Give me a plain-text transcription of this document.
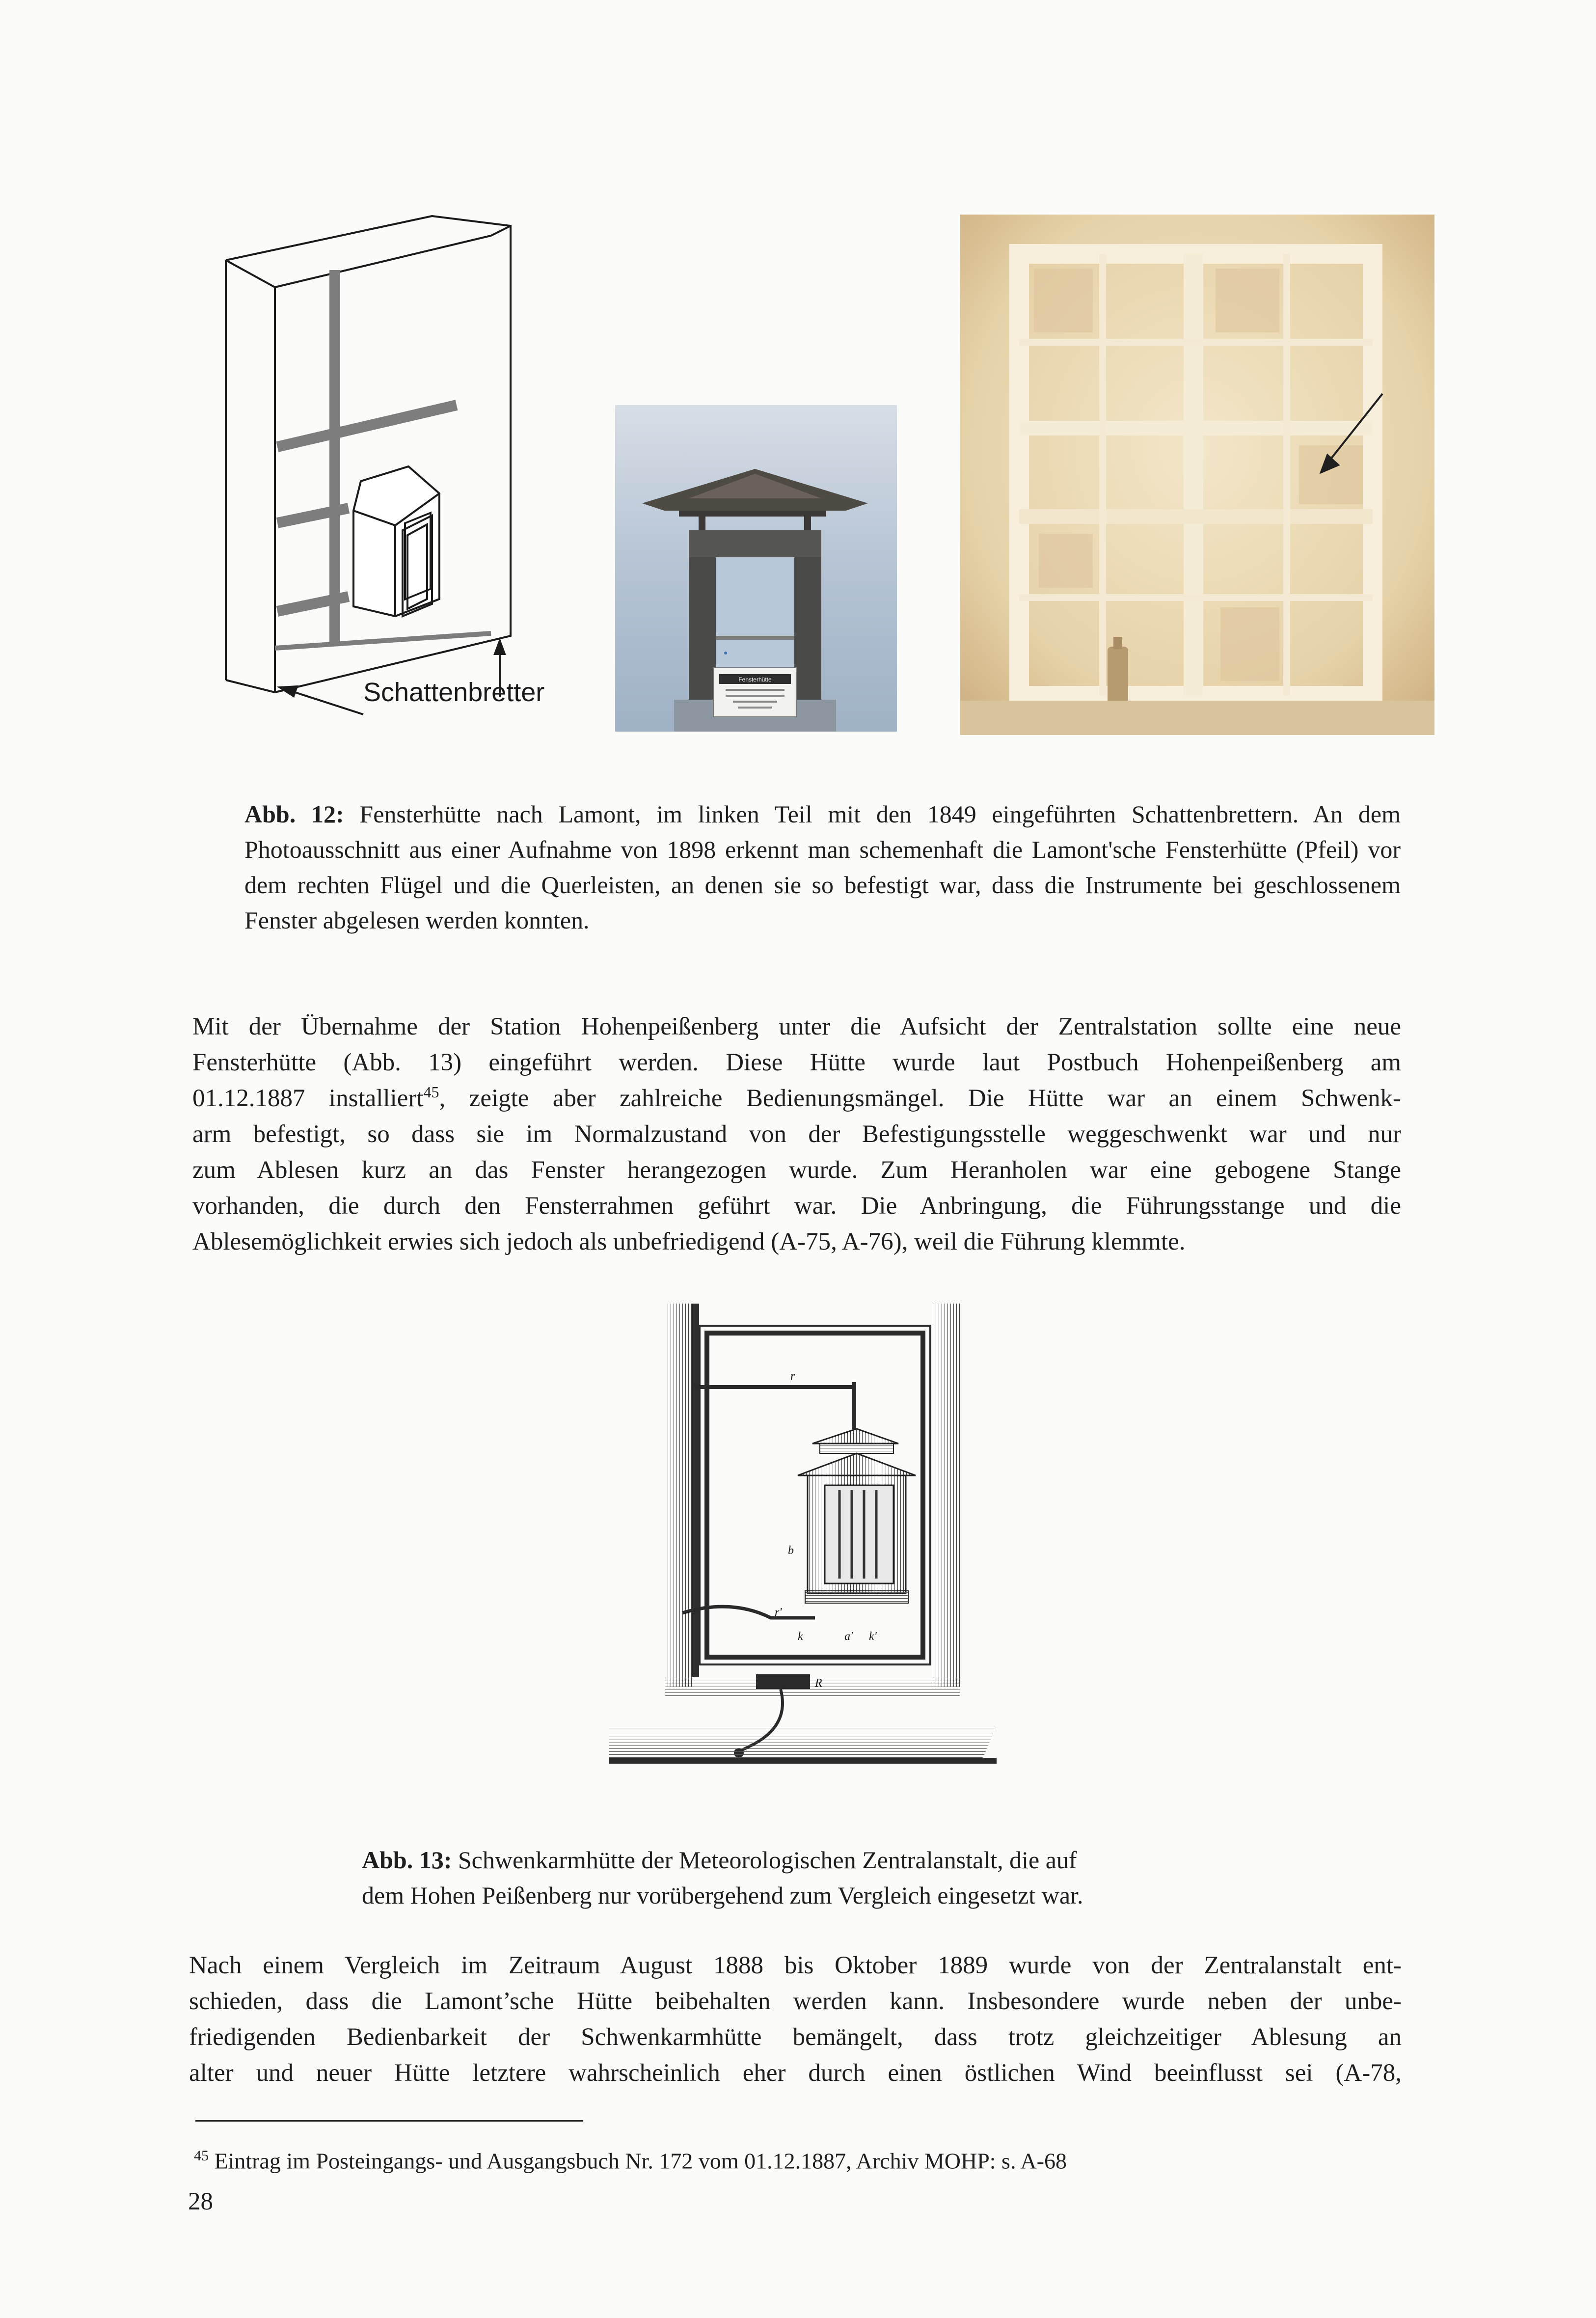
Schattenbretter	Fensterhütte
Abb. 12: Fensterhütte nach Lamont, im linken Teil mit den 1849 eingeführten Schattenbrettern. An dem Photoausschnitt aus einer Aufnahme von 1898 erkennt man schemenhaft die Lamont'sche Fensterhütte (Pfeil) vor dem rechten Flügel und die Querleisten, an denen sie so befestigt war, dass die Instrumente bei geschlossenem Fenster abgelesen werden konnten.
Mit der Übernahme der Station Hohenpeißenberg unter die Aufsicht der Zentralstation sollte eine neue
Fensterhütte (Abb. 13) eingeführt werden. Diese Hütte wurde laut Postbuch Hohenpeißenberg am
01.12.1887 installiert$^{45}$, zeigte aber zahlreiche Bedienungsmängel. Die Hütte war an einem Schwenk-
arm befestigt, so dass sie im Normalzustand von der Befestigungsstelle weggeschwenkt war und nur
zum Ablesen kurz an das Fenster herangezogen wurde. Zum Heranholen war eine gebogene Stange
vorhanden, die durch den Fensterrahmen geführt war. Die Anbringung, die Führungsstange und die
Ablesemöglichkeit erwies sich jedoch als unbefriedigend (A-75, A-76), weil die Führung klemmte.
r
b
r'
k	a' k'
R
Abb. 13: Schwenkarmhütte der Meteorologischen Zentralanstalt, die auf
dem Hohen Peißenberg nur vorübergehend zum Vergleich eingesetzt war.
Nach einem Vergleich im Zeitraum August 1888 bis Oktober 1889 wurde von der Zentralanstalt ent-
schieden, dass die Lamont’sche Hütte beibehalten werden kann. Insbesondere wurde neben der unbe-
friedigenden Bedienbarkeit der Schwenkarmhütte bemängelt, dass trotz gleichzeitiger Ablesung an
alter und neuer Hütte letztere wahrscheinlich eher durch einen östlichen Wind beeinflusst sei (A-78,
$^{45}$ Eintrag im Posteingangs- und Ausgangsbuch Nr. 172 vom 01.12.1887, Archiv MOHP: s. A-68
28
